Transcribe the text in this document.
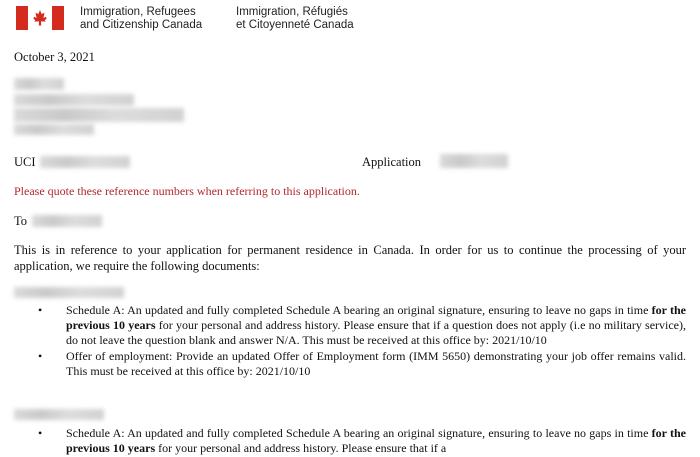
Immigration, Refugees
and Citizenship Canada
Immigration, Réfugiés
et Citoyenneté Canada
October 3, 2021
UCI	Application
Please quote these reference numbers when referring to this application.
To
This is in reference to your application for permanent residence in Canada. In order for us to continue the processing of your application, we require the following documents:
• Schedule A: An updated and fully completed Schedule A bearing an original signature, ensuring to leave no gaps in time for the previous 10 years for your personal and address history. Please ensure that if a question does not apply (i.e no military service), do not leave the question blank and answer N/A. This must be received at this office by: 2021/10/10
• Offer of employment: Provide an updated Offer of Employment form (IMM 5650) demonstrating your job offer remains valid. This must be received at this office by: 2021/10/10
• Schedule A: An updated and fully completed Schedule A bearing an original signature, ensuring to leave no gaps in time for the previous 10 years for your personal and address history. Please ensure that if a
